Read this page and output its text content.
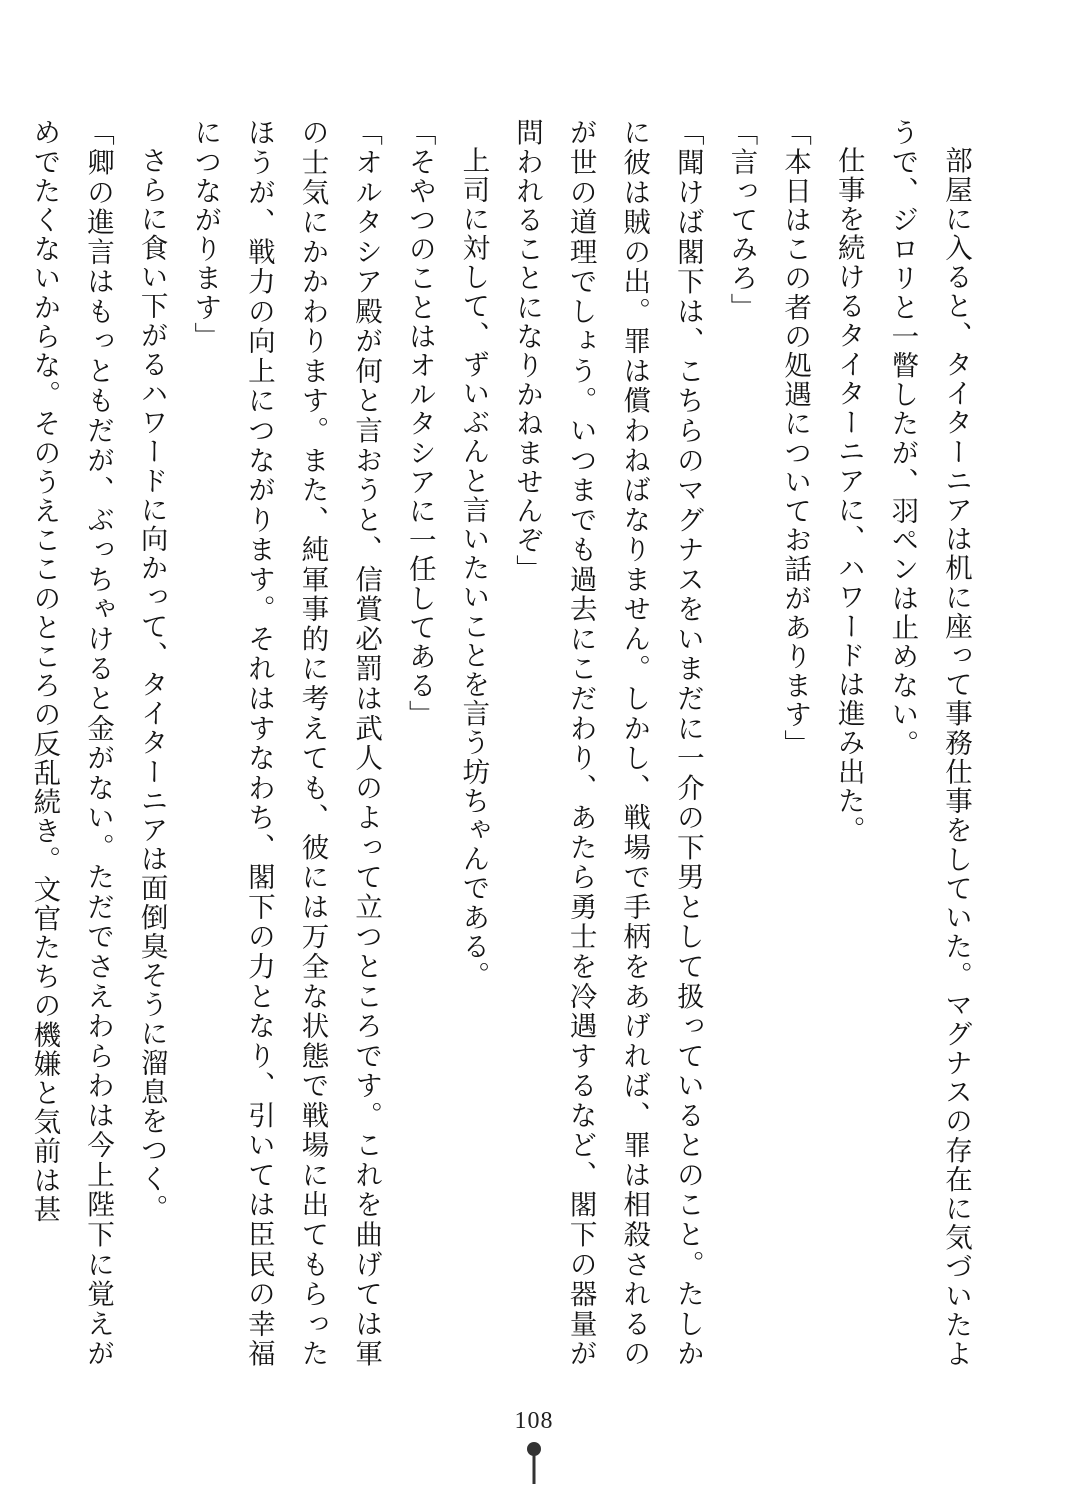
部屋に入ると、タイターニアは机に座って事務仕事をしていた。マグナスの存在に気づいたようで、ジロリと一瞥したが、羽ペンは止めない。

仕事を続けるタイターニアに、ハワードは進み出た。

「本日はこの者の処遇についてお話があります」

「言ってみろ」

「聞けば閣下は、こちらのマグナスをいまだに一介の下男として扱っているとのこと。たしかに彼は賊の出。罪は償わねばなりません。しかし、戦場で手柄をあげれば、罪は相殺されるのが世の道理でしょう。いつまでも過去にこだわり、あたら勇士を冷遇するなど、閣下の器量が問われることになりかねませんぞ」

上司に対して、ずいぶんと言いたいことを言う坊ちゃんである。

「そやつのことはオルタシアに一任してある」

「オルタシア殿が何と言おうと、信賞必罰は武人のよって立つところです。これを曲げては軍の士気にかかわります。また、純軍事的に考えても、彼には万全な状態で戦場に出てもらったほうが、戦力の向上につながります。それはすなわち、閣下の力となり、引いては臣民の幸福につながります」

さらに食い下がるハワードに向かって、タイターニアは面倒臭そうに溜息をつく。

「卿の進言はもっともだが、ぶっちゃけると金がない。ただでさえわらわは今上陛下に覚えがめでたくないからな。そのうえここのところの反乱続き。文官たちの機嫌と気前は甚

108
